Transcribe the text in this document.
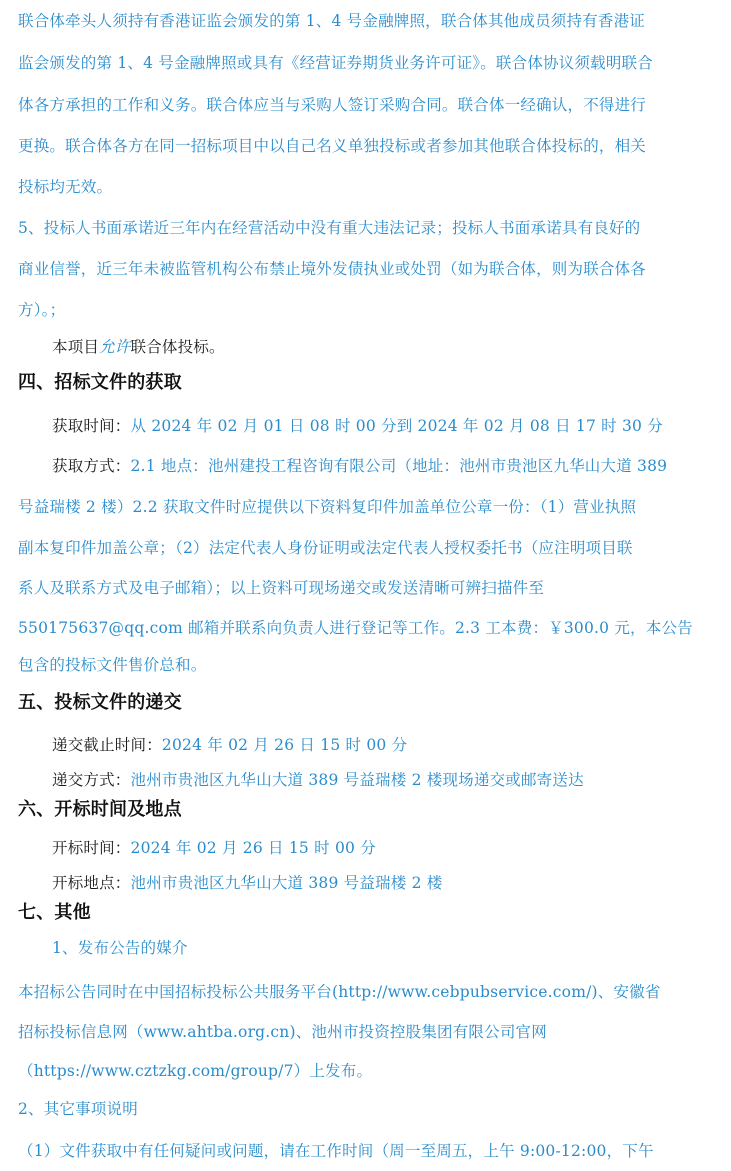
联合体牵头人须持有香港证监会颁发的第 1、4 号金融牌照，联合体其他成员须持有香港证
监会颁发的第 1、4 号金融牌照或具有《经营证券期货业务许可证》。联合体协议须载明联合
体各方承担的工作和义务。联合体应当与采购人签订采购合同。联合体一经确认，不得进行
更换。联合体各方在同一招标项目中以自己名义单独投标或者参加其他联合体投标的，相关
投标均无效。
5、投标人书面承诺近三年内在经营活动中没有重大违法记录；投标人书面承诺具有良好的
商业信誉，近三年未被监管机构公布禁止境外发债执业或处罚（如为联合体，则为联合体各
方）。；
本项目允许联合体投标。
四、招标文件的获取
获取时间：从 2024 年 02 月 01 日 08 时 00 分到 2024 年 02 月 08 日 17 时 30 分
获取方式：2.1 地点：池州建投工程咨询有限公司（地址：池州市贵池区九华山大道 389
号益瑞楼 2 楼）2.2 获取文件时应提供以下资料复印件加盖单位公章一份：（1）营业执照
副本复印件加盖公章；（2）法定代表人身份证明或法定代表人授权委托书（应注明项目联
系人及联系方式及电子邮箱）；以上资料可现场递交或发送清晰可辨扫描件至
550175637@qq.com 邮箱并联系向负责人进行登记等工作。2.3 工本费：￥300.0 元，本公告
包含的投标文件售价总和。
五、投标文件的递交
递交截止时间：2024 年 02 月 26 日 15 时 00 分
递交方式：池州市贵池区九华山大道 389 号益瑞楼 2 楼现场递交或邮寄送达
六、开标时间及地点
开标时间：2024 年 02 月 26 日 15 时 00 分
开标地点：池州市贵池区九华山大道 389 号益瑞楼 2 楼
七、其他
1、发布公告的媒介
本招标公告同时在中国招标投标公共服务平台(http://www.cebpubservice.com/)、安徽省
招标投标信息网（www.ahtba.org.cn)、池州市投资控股集团有限公司官网
（https://www.cztzkg.com/group/7）上发布。
2、其它事项说明
（1）文件获取中有任何疑问或问题，请在工作时间（周一至周五，上午 9:00-12:00，下午
